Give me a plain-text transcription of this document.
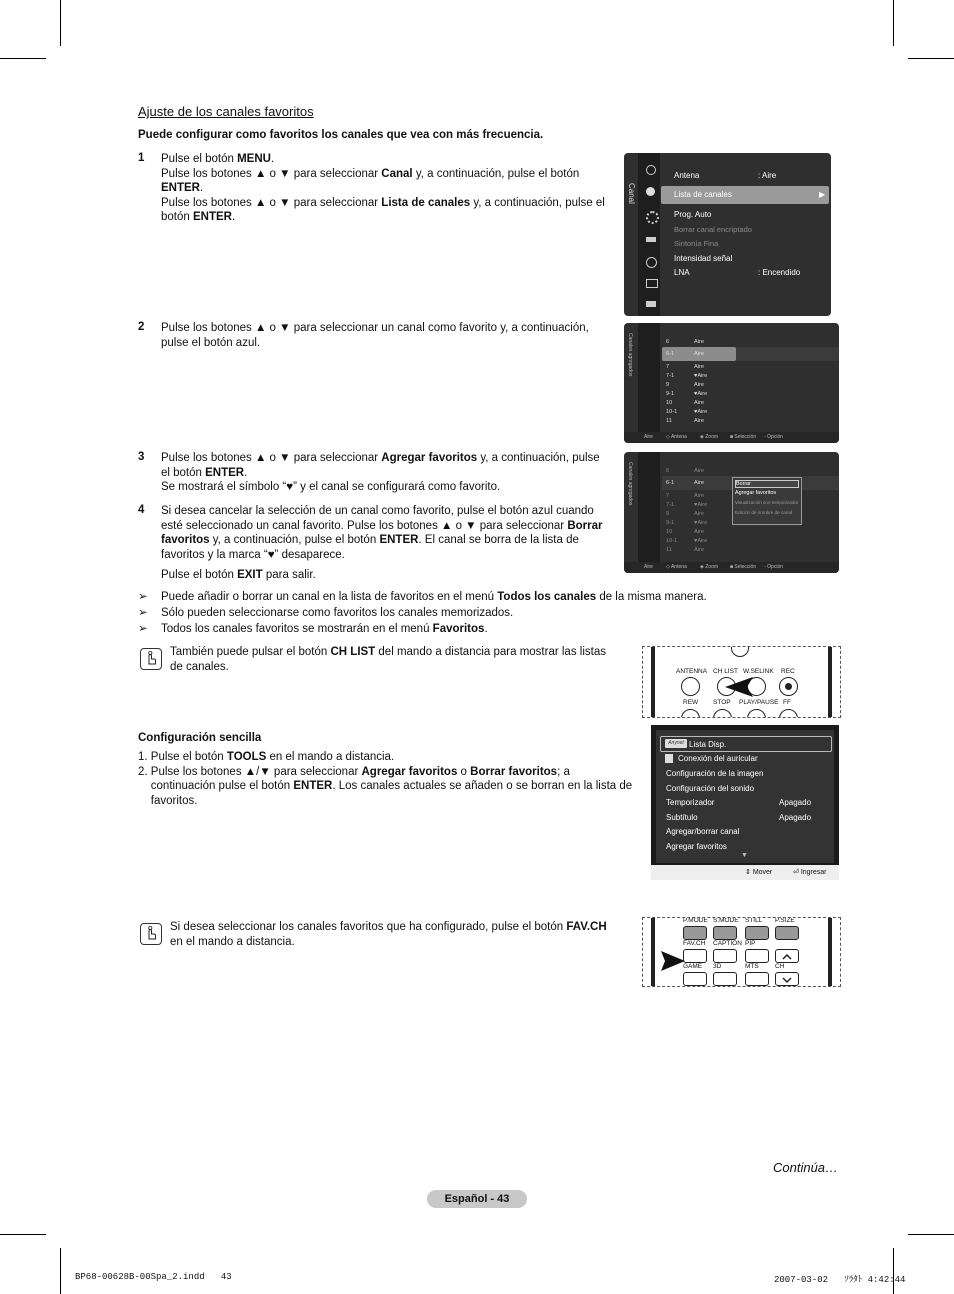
Ajuste de los canales favoritos
Puede configurar como favoritos los canales que vea con más frecuencia.
1 Pulse el botón MENU.
Pulse los botones ▲ o ▼ para seleccionar Canal y, a continuación, pulse el botón
ENTER.
Pulse los botones ▲ o ▼ para seleccionar Lista de canales y, a continuación, pulse el
botón ENTER.
2 Pulse los botones ▲ o ▼ para seleccionar un canal como favorito y, a continuación,
pulse el botón azul.
3 Pulse los botones ▲ o ▼ para seleccionar Agregar favoritos y, a continuación, pulse
el botón ENTER.
Se mostrará el símbolo “♥” y el canal se configurará como favorito.
4 Si desea cancelar la selección de un canal como favorito, pulse el botón azul cuando
esté seleccionado un canal favorito. Pulse los botones ▲ o ▼ para seleccionar Borrar
favoritos y, a continuación, pulse el botón ENTER. El canal se borra de la lista de
favoritos y la marca “♥” desaparece.
Pulse el botón EXIT para salir.
➢ Puede añadir o borrar un canal en la lista de favoritos en el menú Todos los canales de la misma manera.
➢ Sólo pueden seleccionarse como favoritos los canales memorizados.
➢ Todos los canales favoritos se mostrarán en el menú Favoritos.
También puede pulsar el botón CH LIST del mando a distancia para mostrar las listas
de canales.
Configuración sencilla
1. Pulse el botón TOOLS en el mando a distancia.
2. Pulse los botones ▲/▼ para seleccionar Agregar favoritos o Borrar favoritos; a
continuación pulse el botón ENTER. Los canales actuales se añaden o se borran en la lista de
favoritos.
Si desea seleccionar los canales favoritos que ha configurado, pulse el botón FAV.CH
en el mando a distancia.
Canal	▶
Antena	: Aire
Lista de canales
Prog. Auto
Borrar canal encriptado
Sintonía Fina
Intensidad señal
LNA	: Encendido
Canales agregados	6	Aire
6-1	Aire
7	Aire
7-1	♥Aire
9	Aire
9-1	♥Aire
10	Aire
10-1	♥Aire
11	Aire
Aire	◇ Antena	◈ Zoom ■ Selección ◦ Opción
Canales agregados	6	Aire
6-1	Aire
7	Aire
7-1	♥Aire
9	Aire
9-1	♥Aire
10	Aire
10-1	♥Aire
11	Aire
Borrar
Agregar favoritos
Visualización con temporizador
Edición de nombre de canal
Aire	◇ Antena	◈ Zoom ■ Selección ◦ Opción
ANTENNA CH LIST W.SELINK REC
REW STOP PLAY/PAUSE FF
Anynet Lista Disp.
Conexión del auricular
Configuración de la imagen
Configuración del sonido
Temporizador	Apagado
Subtítulo	Apagado
Agregar/borrar canal
Agregar favoritos
▼
⇕ Mover	⏎ Ingresar
P.MODE S.MODE STILL P.SIZE
FAV.CH CAPTION PIP
GAME 3D	MTS	CH
Continúa…
Español - 43
BP68-00628B-00Spa_2.indd   43	2007-03-02   ｿﾗﾀﾄ 4:42:44
